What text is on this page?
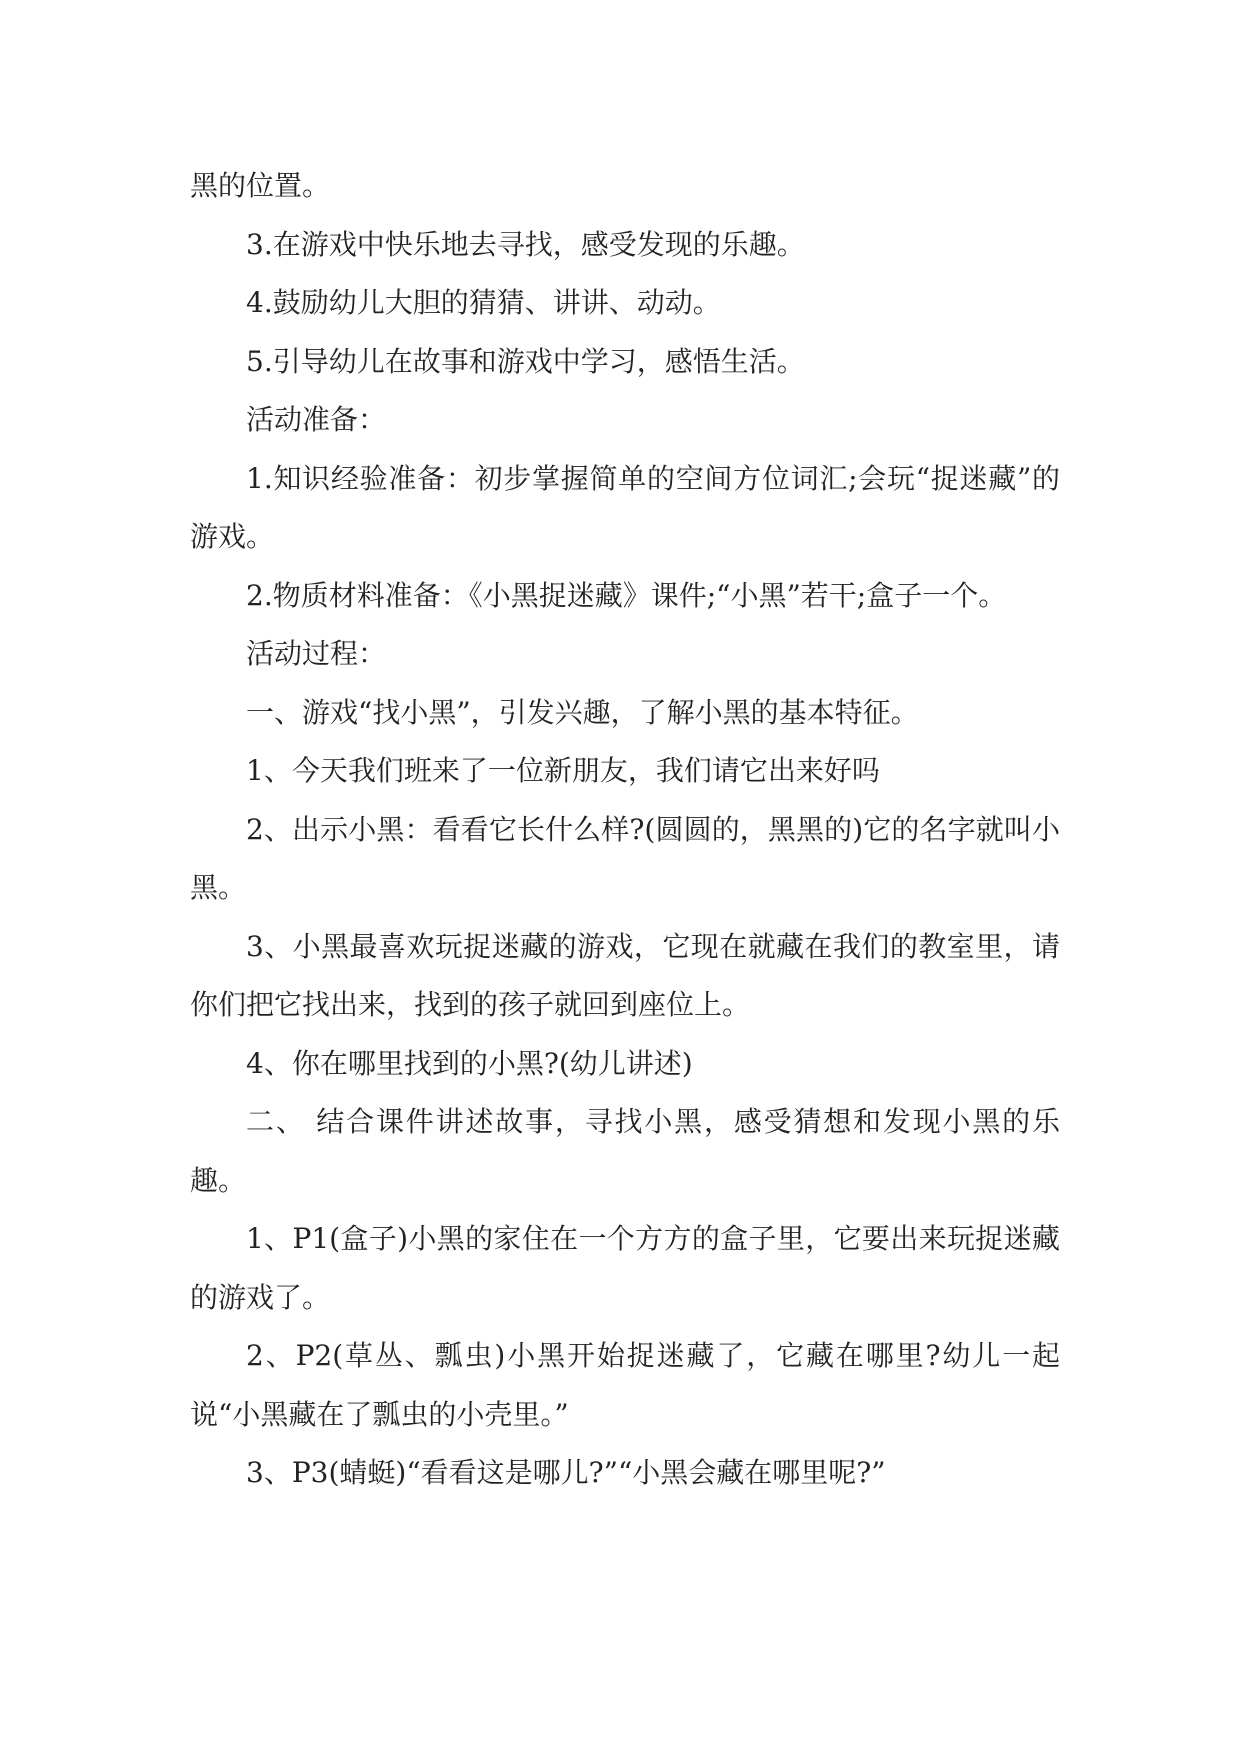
黑的位置。

3.在游戏中快乐地去寻找，感受发现的乐趣。

4.鼓励幼儿大胆的猜猜、讲讲、动动。

5.引导幼儿在故事和游戏中学习，感悟生活。

活动准备：

1.知识经验准备：初步掌握简单的空间方位词汇;会玩“捉迷藏”的游戏。

2.物质材料准备：《小黑捉迷藏》课件;“小黑”若干;盒子一个。

活动过程：

一、游戏“找小黑”，引发兴趣，了解小黑的基本特征。

1、今天我们班来了一位新朋友，我们请它出来好吗

2、出示小黑：看看它长什么样?(圆圆的，黑黑的)它的名字就叫小黑。

3、小黑最喜欢玩捉迷藏的游戏，它现在就藏在我们的教室里，请你们把它找出来，找到的孩子就回到座位上。

4、你在哪里找到的小黑?(幼儿讲述)

二、 结合课件讲述故事，寻找小黑，感受猜想和发现小黑的乐趣。

1、P1(盒子)小黑的家住在一个方方的盒子里，它要出来玩捉迷藏的游戏了。

2、P2(草丛、瓢虫)小黑开始捉迷藏了，它藏在哪里?幼儿一起说“小黑藏在了瓢虫的小壳里。”

3、P3(蜻蜓)“看看这是哪儿?”“小黑会藏在哪里呢?”
